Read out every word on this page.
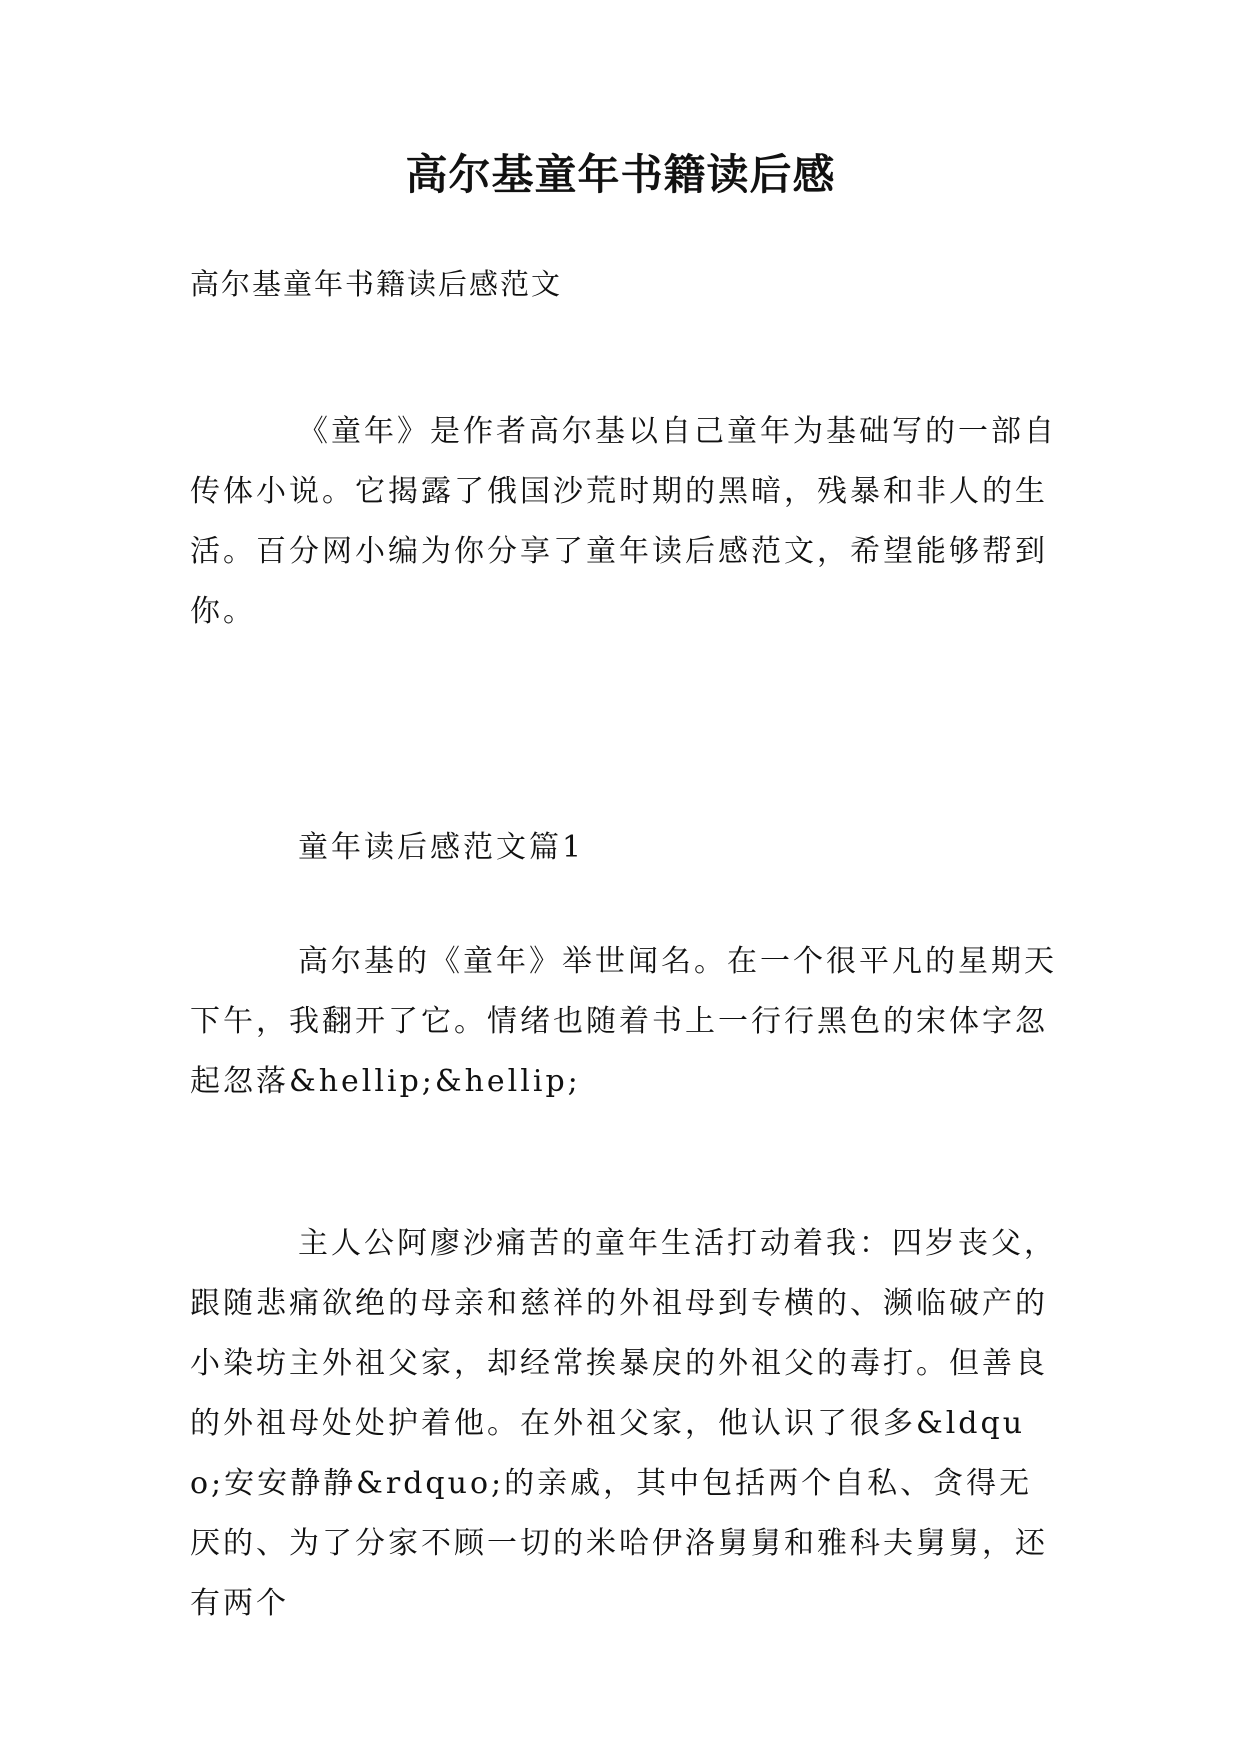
高尔基童年书籍读后感
高尔基童年书籍读后感范文

《童年》是作者高尔基以自己童年为基础写的一部自传体小说。它揭露了俄国沙荒时期的黑暗，残暴和非人的生活。百分网小编为你分享了童年读后感范文，希望能够帮到你。

童年读后感范文篇1

高尔基的《童年》举世闻名。在一个很平凡的星期天下午，我翻开了它。情绪也随着书上一行行黑色的宋体字忽起忽落&hellip;&hellip;

主人公阿廖沙痛苦的童年生活打动着我：四岁丧父，跟随悲痛欲绝的母亲和慈祥的外祖母到专横的、濒临破产的小染坊主外祖父家，却经常挨暴戾的外祖父的毒打。但善良的外祖母处处护着他。在外祖父家，他认识了很多&ldquo;安安静静&rdquo;的亲戚，其中包括两个自私、贪得无厌的、为了分家不顾一切的米哈伊洛舅舅和雅科夫舅舅，还有两个
